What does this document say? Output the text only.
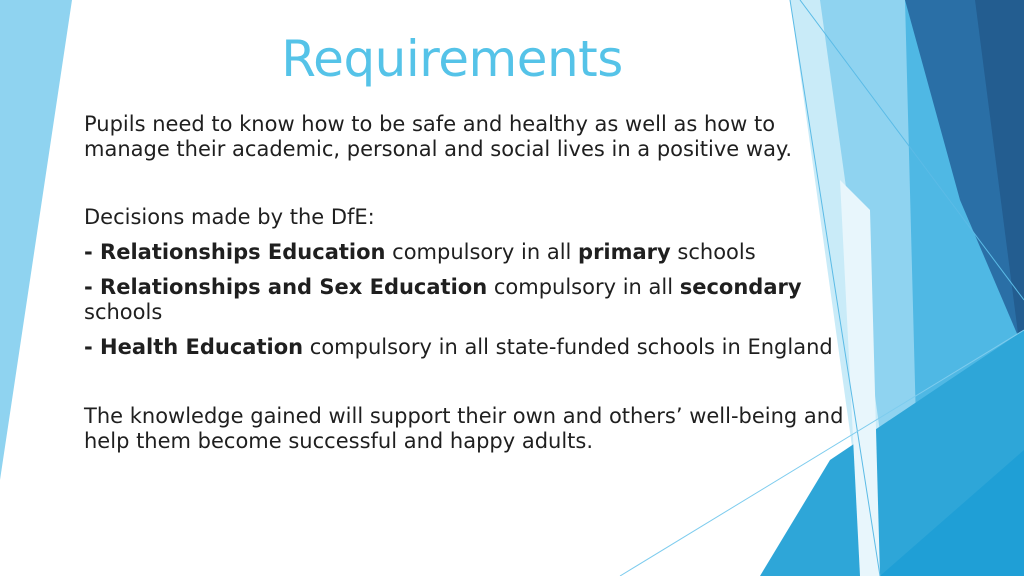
Requirements

Pupils need to know how to be safe and healthy as well as how to manage their academic, personal and social lives in a positive way.

Decisions made by the DfE:

- Relationships Education compulsory in all primary schools

- Relationships and Sex Education compulsory in all secondary schools

- Health Education compulsory in all state-funded schools in England

The knowledge gained will support their own and others’ well-being and help them become successful and happy adults.
